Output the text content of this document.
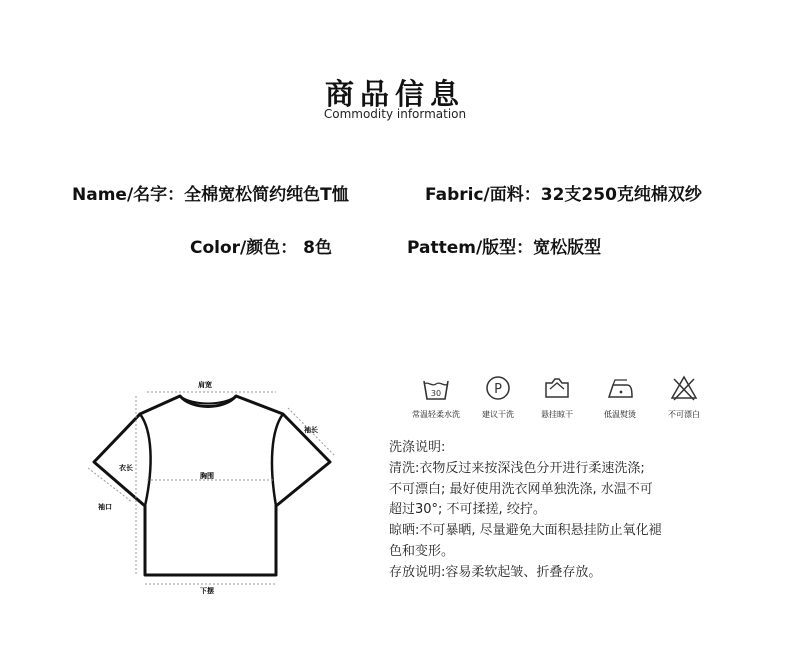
商品信息
Commodity information
Name/名字：全棉宽松简约纯色T恤	Fabric/面料：32支250克纯棉双纱
Color/颜色： 8色	Pattem/版型：宽松版型
肩宽
袖长
衣长
胸围
袖口
下摆
30	P
常温轻柔水洗	建议干洗	悬挂晾干	低温熨烫	不可漂白
洗涤说明:
清洗:衣物反过来按深浅色分开进行柔速洗涤;
不可漂白; 最好使用洗衣网单独洗涤, 水温不可
超过30°; 不可揉搓, 绞拧。
晾晒:不可暴晒, 尽量避免大面积悬挂防止氧化褪
色和变形。
存放说明:容易柔软起皱、折叠存放。
